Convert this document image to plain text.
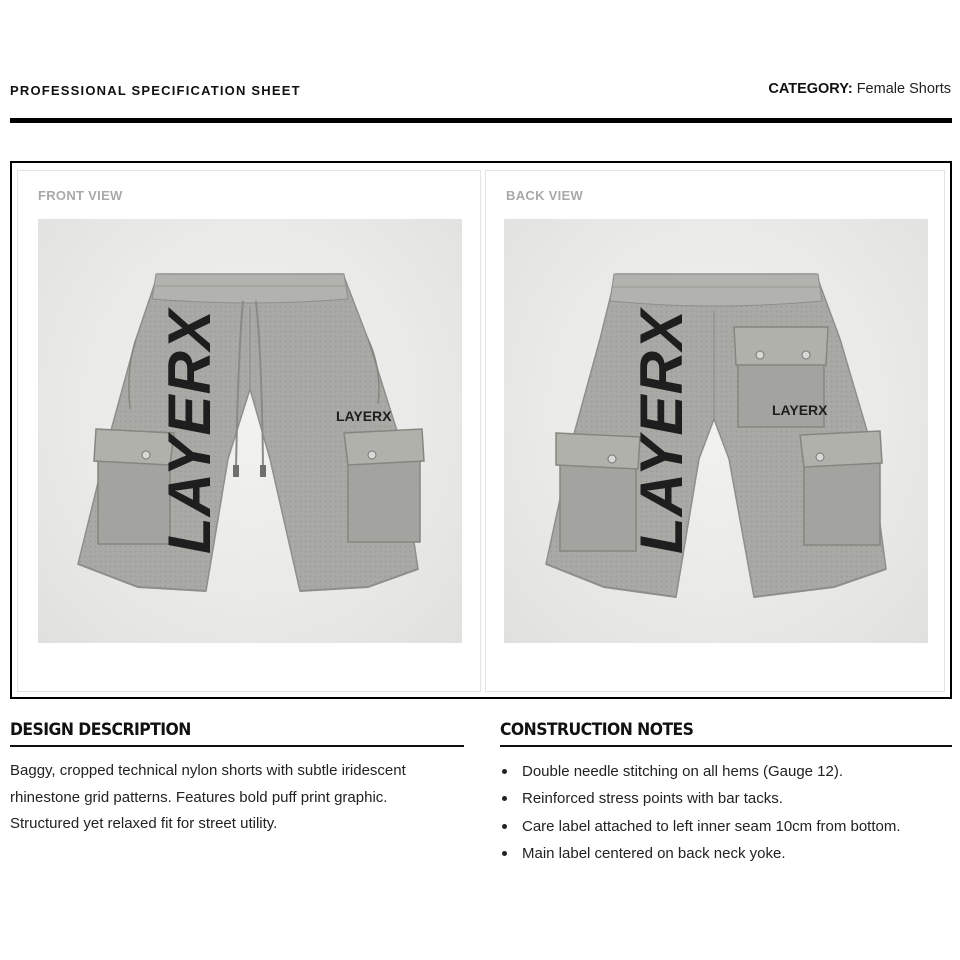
PROFESSIONAL SPECIFICATION SHEET	CATEGORY: Female Shorts
FRONT VIEW
LAYERX	LAYERX
BACK VIEW
LAYERX	LAYERX
DESIGN DESCRIPTION
Baggy, cropped technical nylon shorts with subtle iridescent rhinestone grid patterns. Features bold puff print graphic. Structured yet relaxed fit for street utility.
CONSTRUCTION NOTES
Double needle stitching on all hems (Gauge 12).
Reinforced stress points with bar tacks.
Care label attached to left inner seam 10cm from bottom.
Main label centered on back neck yoke.
